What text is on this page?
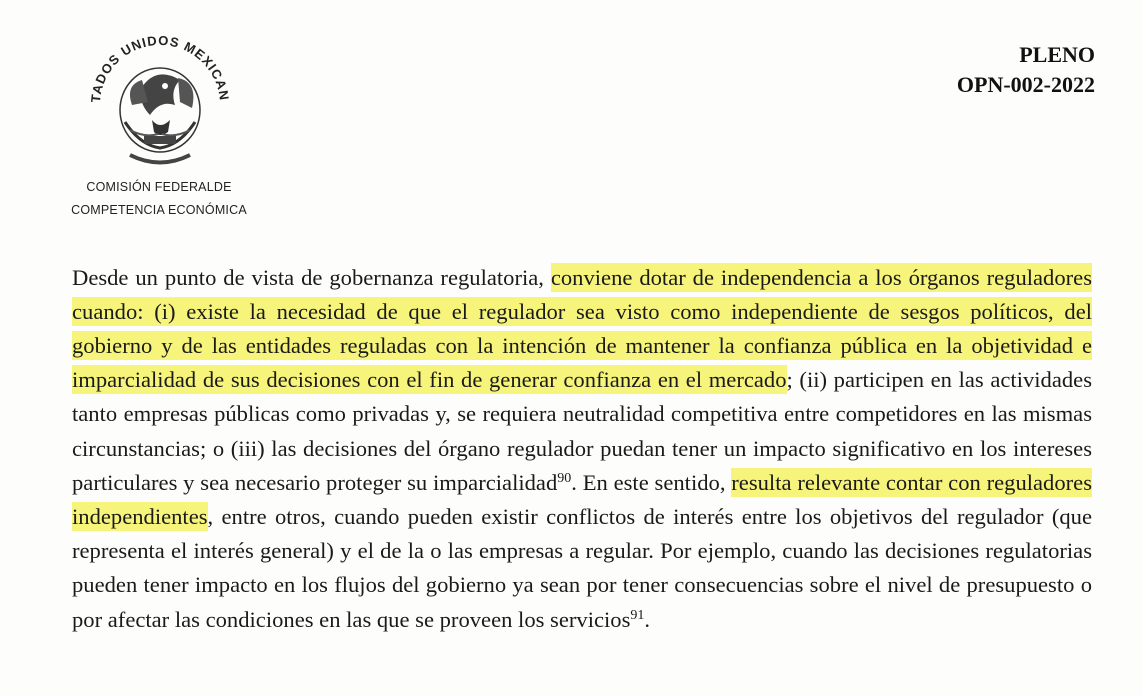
TADOS UNIDOS MEXICAN
COMISIÓN FEDERALDE
COMPETENCIA ECONÓMICA
PLENO
OPN-002-2022

Desde un punto de vista de gobernanza regulatoria, conviene dotar de independencia a los órganos reguladores cuando: (i) existe la necesidad de que el regulador sea visto como independiente de sesgos políticos, del gobierno y de las entidades reguladas con la intención de mantener la confianza pública en la objetividad e imparcialidad de sus decisiones con el fin de generar confianza en el mercado; (ii) participen en las actividades tanto empresas públicas como privadas y, se requiera neutralidad competitiva entre competidores en las mismas circunstancias; o (iii) las decisiones del órgano regulador puedan tener un impacto significativo en los intereses particulares y sea necesario proteger su imparcialidad$^{90}$. En este sentido, resulta relevante contar con reguladores independientes, entre otros, cuando pueden existir conflictos de interés entre los objetivos del regulador (que representa el interés general) y el de la o las empresas a regular. Por ejemplo, cuando las decisiones regulatorias pueden tener impacto en los flujos del gobierno ya sean por tener consecuencias sobre el nivel de presupuesto o por afectar las condiciones en las que se proveen los servicios$^{91}$.
